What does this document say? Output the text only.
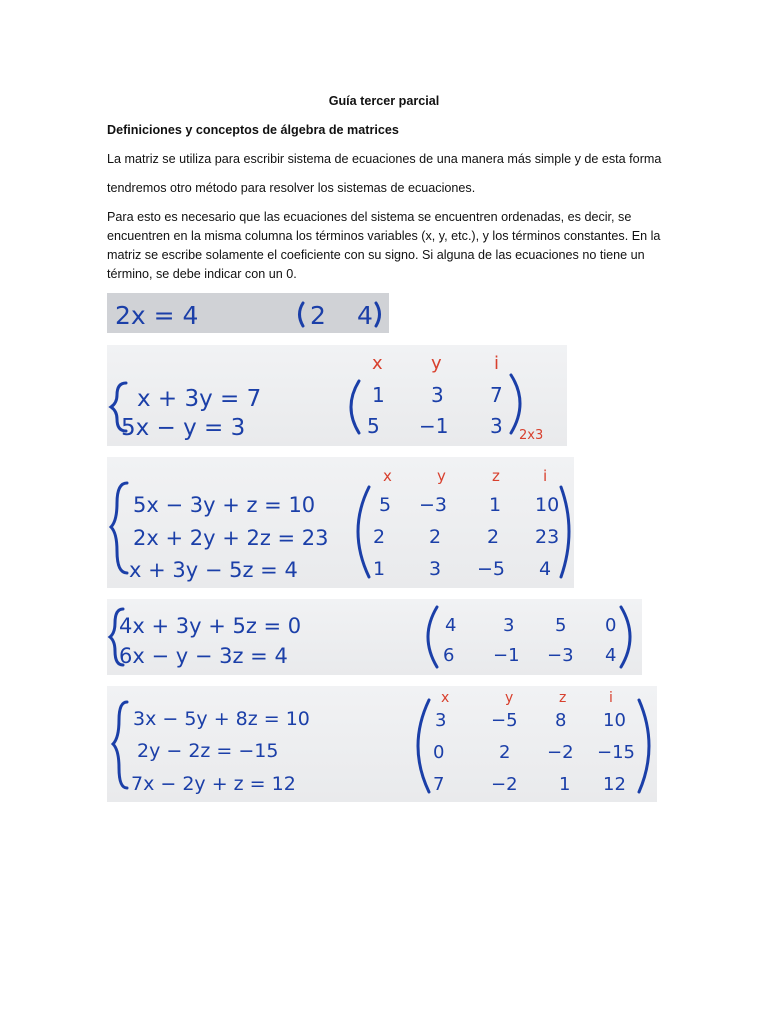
Guía tercer parcial
Definiciones y conceptos de álgebra de matrices
La matriz se utiliza para escribir sistema de ecuaciones de una manera más simple y de esta forma
tendremos otro método para resolver los sistemas de ecuaciones.
Para esto es necesario que las ecuaciones del sistema se encuentren ordenadas, es decir, se
encuentren en la misma columna los términos variables (x, y, etc.), y los términos constantes. En la
matriz se escribe solamente el coeficiente con su signo. Si alguna de las ecuaciones no tiene un
término, se debe indicar con un 0.
2x = 4	2 4
x + 3y = 7
5x − y = 3
x	y	i
1 3 7
5 −1 3 2x3
5x − 3y + z = 10
2x + 2y + 2z = 23
x + 3y − 5z = 4
x	y	z	i
5 −3 1 10
2 2 2 23
1 3 −5 4
4x + 3y + 5z = 0
6x − y − 3z = 4
4	3 5 0
6 −1 −3 4
3x − 5y + 8z = 10
2y − 2z = −15
7x − 2y + z = 12
x	y	z	i
3 −5 8 10
0	2 −2 −15
7	−2 1 12
